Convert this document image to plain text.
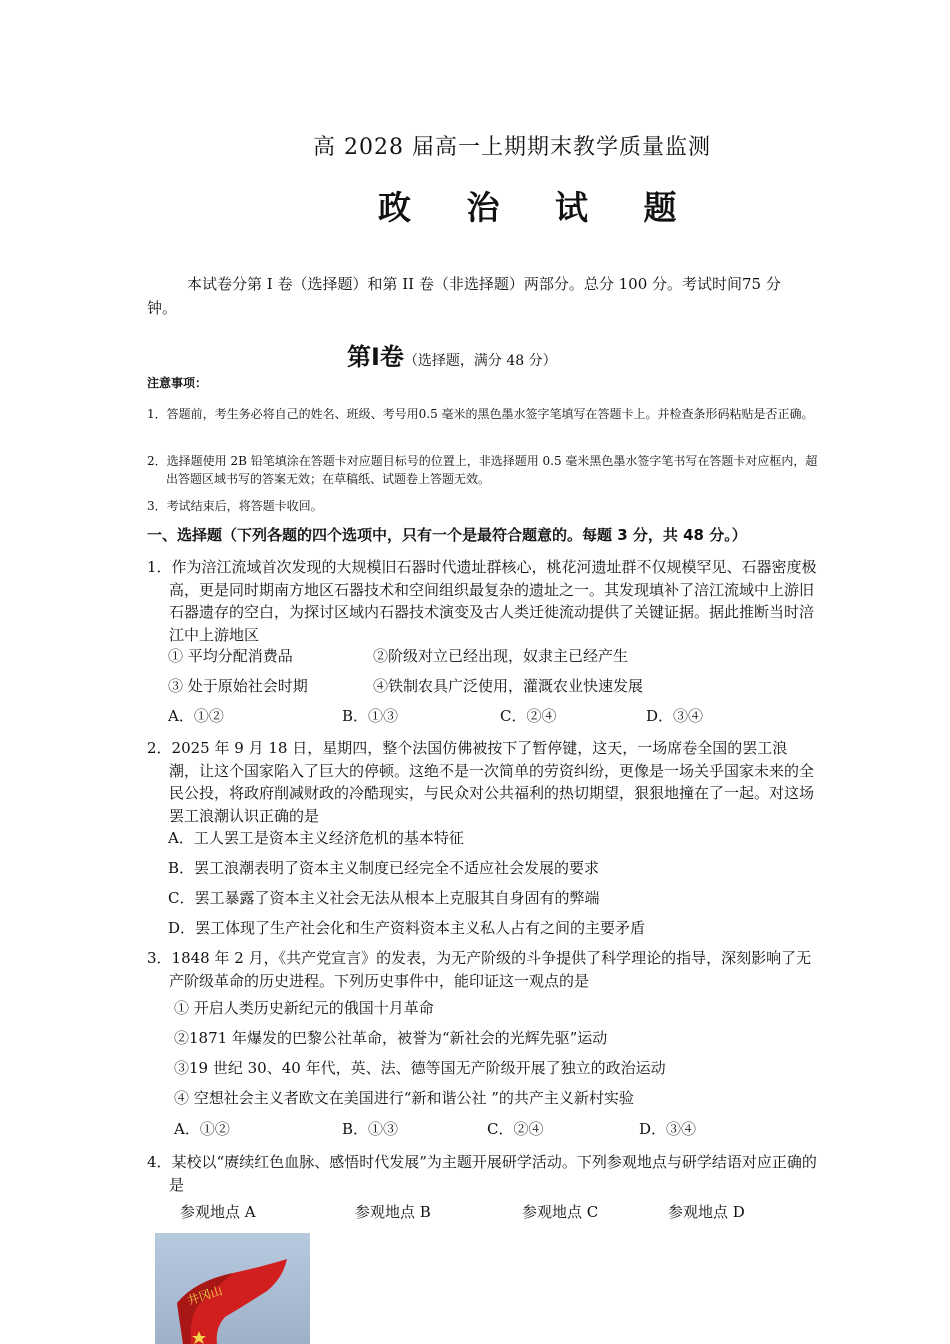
高 2028 届高一上期期末教学质量监测
政 治 试 题
本试卷分第 I 卷（选择题）和第 II 卷（非选择题）两部分。总分 100 分。考试时间75 分钟。
第Ⅰ卷（选择题，满分 48 分）
注意事项：
1．答题前，考生务必将自己的姓名、班级、考号用0.5 毫米的黑色墨水签字笔填写在答题卡上。并检查条形码粘贴是否正确。
2．选择题使用 2B 铅笔填涂在答题卡对应题目标号的位置上，非选择题用 0.5 毫米黑色墨水签字笔书写在答题卡对应框内，超出答题区域书写的答案无效；在草稿纸、试题卷上答题无效。
3．考试结束后，将答题卡收回。
一、选择题（下列各题的四个选项中，只有一个是最符合题意的。每题 3 分，共 48 分。）
1．作为涪江流域首次发现的大规模旧石器时代遗址群核心，桃花河遗址群不仅规模罕见、石器密度极高，更是同时期南方地区石器技术和空间组织最复杂的遗址之一。其发现填补了涪江流域中上游旧石器遗存的空白，为探讨区域内石器技术演变及古人类迁徙流动提供了关键证据。据此推断当时涪江中上游地区
① 平均分配消费品	②阶级对立已经出现，奴隶主已经产生
③ 处于原始社会时期	④铁制农具广泛使用，灌溉农业快速发展
A．①②	B．①③	C．②④	D．③④
2．2025 年 9 月 18 日，星期四，整个法国仿佛被按下了暂停键，这天，一场席卷全国的罢工浪潮，让这个国家陷入了巨大的停顿。这绝不是一次简单的劳资纠纷，更像是一场关乎国家未来的全民公投，将政府削减财政的冷酷现实，与民众对公共福利的热切期望，狠狠地撞在了一起。对这场罢工浪潮认识正确的是
A．工人罢工是资本主义经济危机的基本特征
B．罢工浪潮表明了资本主义制度已经完全不适应社会发展的要求
C．罢工暴露了资本主义社会无法从根本上克服其自身固有的弊端
D．罢工体现了生产社会化和生产资料资本主义私人占有之间的主要矛盾
3．1848 年 2 月，《共产党宣言》的发表，为无产阶级的斗争提供了科学理论的指导，深刻影响了无产阶级革命的历史进程。下列历史事件中，能印证这一观点的是
① 开启人类历史新纪元的俄国十月革命
②1871 年爆发的巴黎公社革命，被誉为“新社会的光辉先驱”运动
③19 世纪 30、40 年代，英、法、德等国无产阶级开展了独立的政治运动
④ 空想社会主义者欧文在美国进行“新和谐公社 ”的共产主义新村实验
A．①②	B．①③	C．②④	D．③④
4．某校以“赓续红色血脉、感悟时代发展”为主题开展研学活动。下列参观地点与研学结语对应正确的是
参观地点 A	参观地点 B	参观地点 C	参观地点 D
井冈山
